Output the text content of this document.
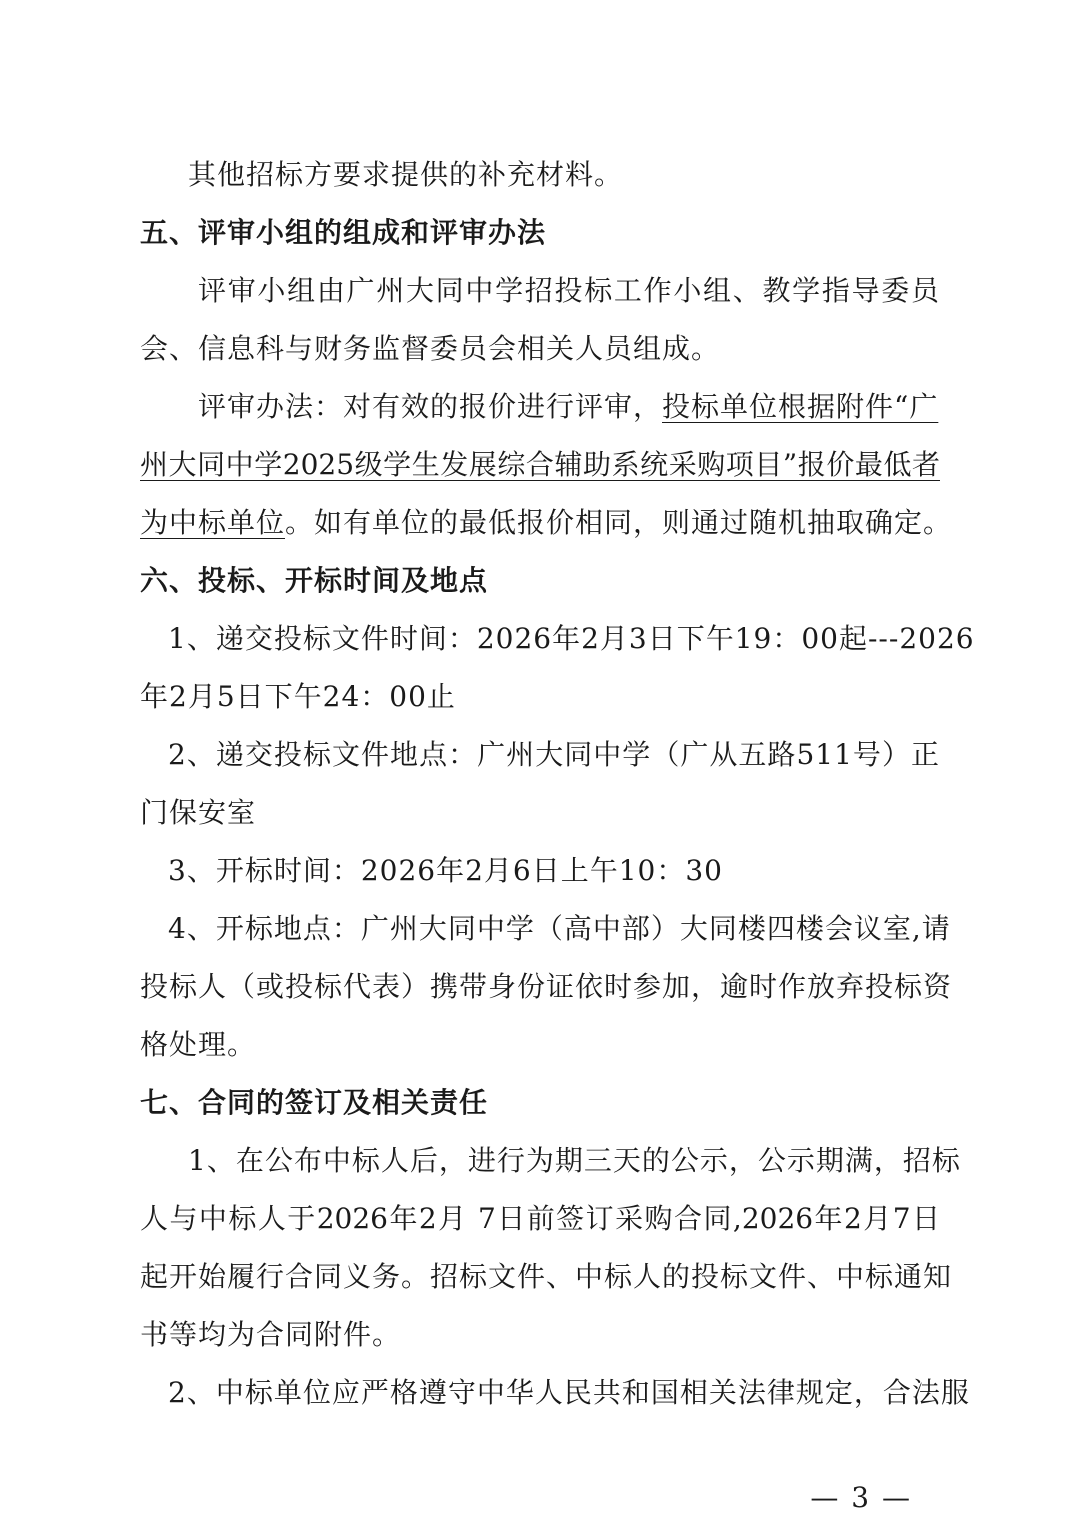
其他招标方要求提供的补充材料。
五、评审小组的组成和评审办法
评审小组由广州大同中学招投标工作小组、教学指导委员
会、信息科与财务监督委员会相关人员组成。
评审办法：对有效的报价进行评审，投标单位根据附件“广
州大同中学2025级学生发展综合辅助系统采购项目”报价最低者
为中标单位。如有单位的最低报价相同，则通过随机抽取确定。
六、投标、开标时间及地点
1、递交投标文件时间：2026年2月3日下午19：00起---2026
年2月5日下午24：00止
2、递交投标文件地点：广州大同中学（广从五路511号）正
门保安室
3、开标时间：2026年2月6日上午10：30
4、开标地点：广州大同中学（高中部）大同楼四楼会议室,请
投标人（或投标代表）携带身份证依时参加，逾时作放弃投标资
格处理。
七、合同的签订及相关责任
1、在公布中标人后，进行为期三天的公示，公示期满，招标
人与中标人于2026年2月 7日前签订采购合同,2026年2月7日
起开始履行合同义务。招标文件、中标人的投标文件、中标通知
书等均为合同附件。
2、中标单位应严格遵守中华人民共和国相关法律规定，合法服
— 3 —
